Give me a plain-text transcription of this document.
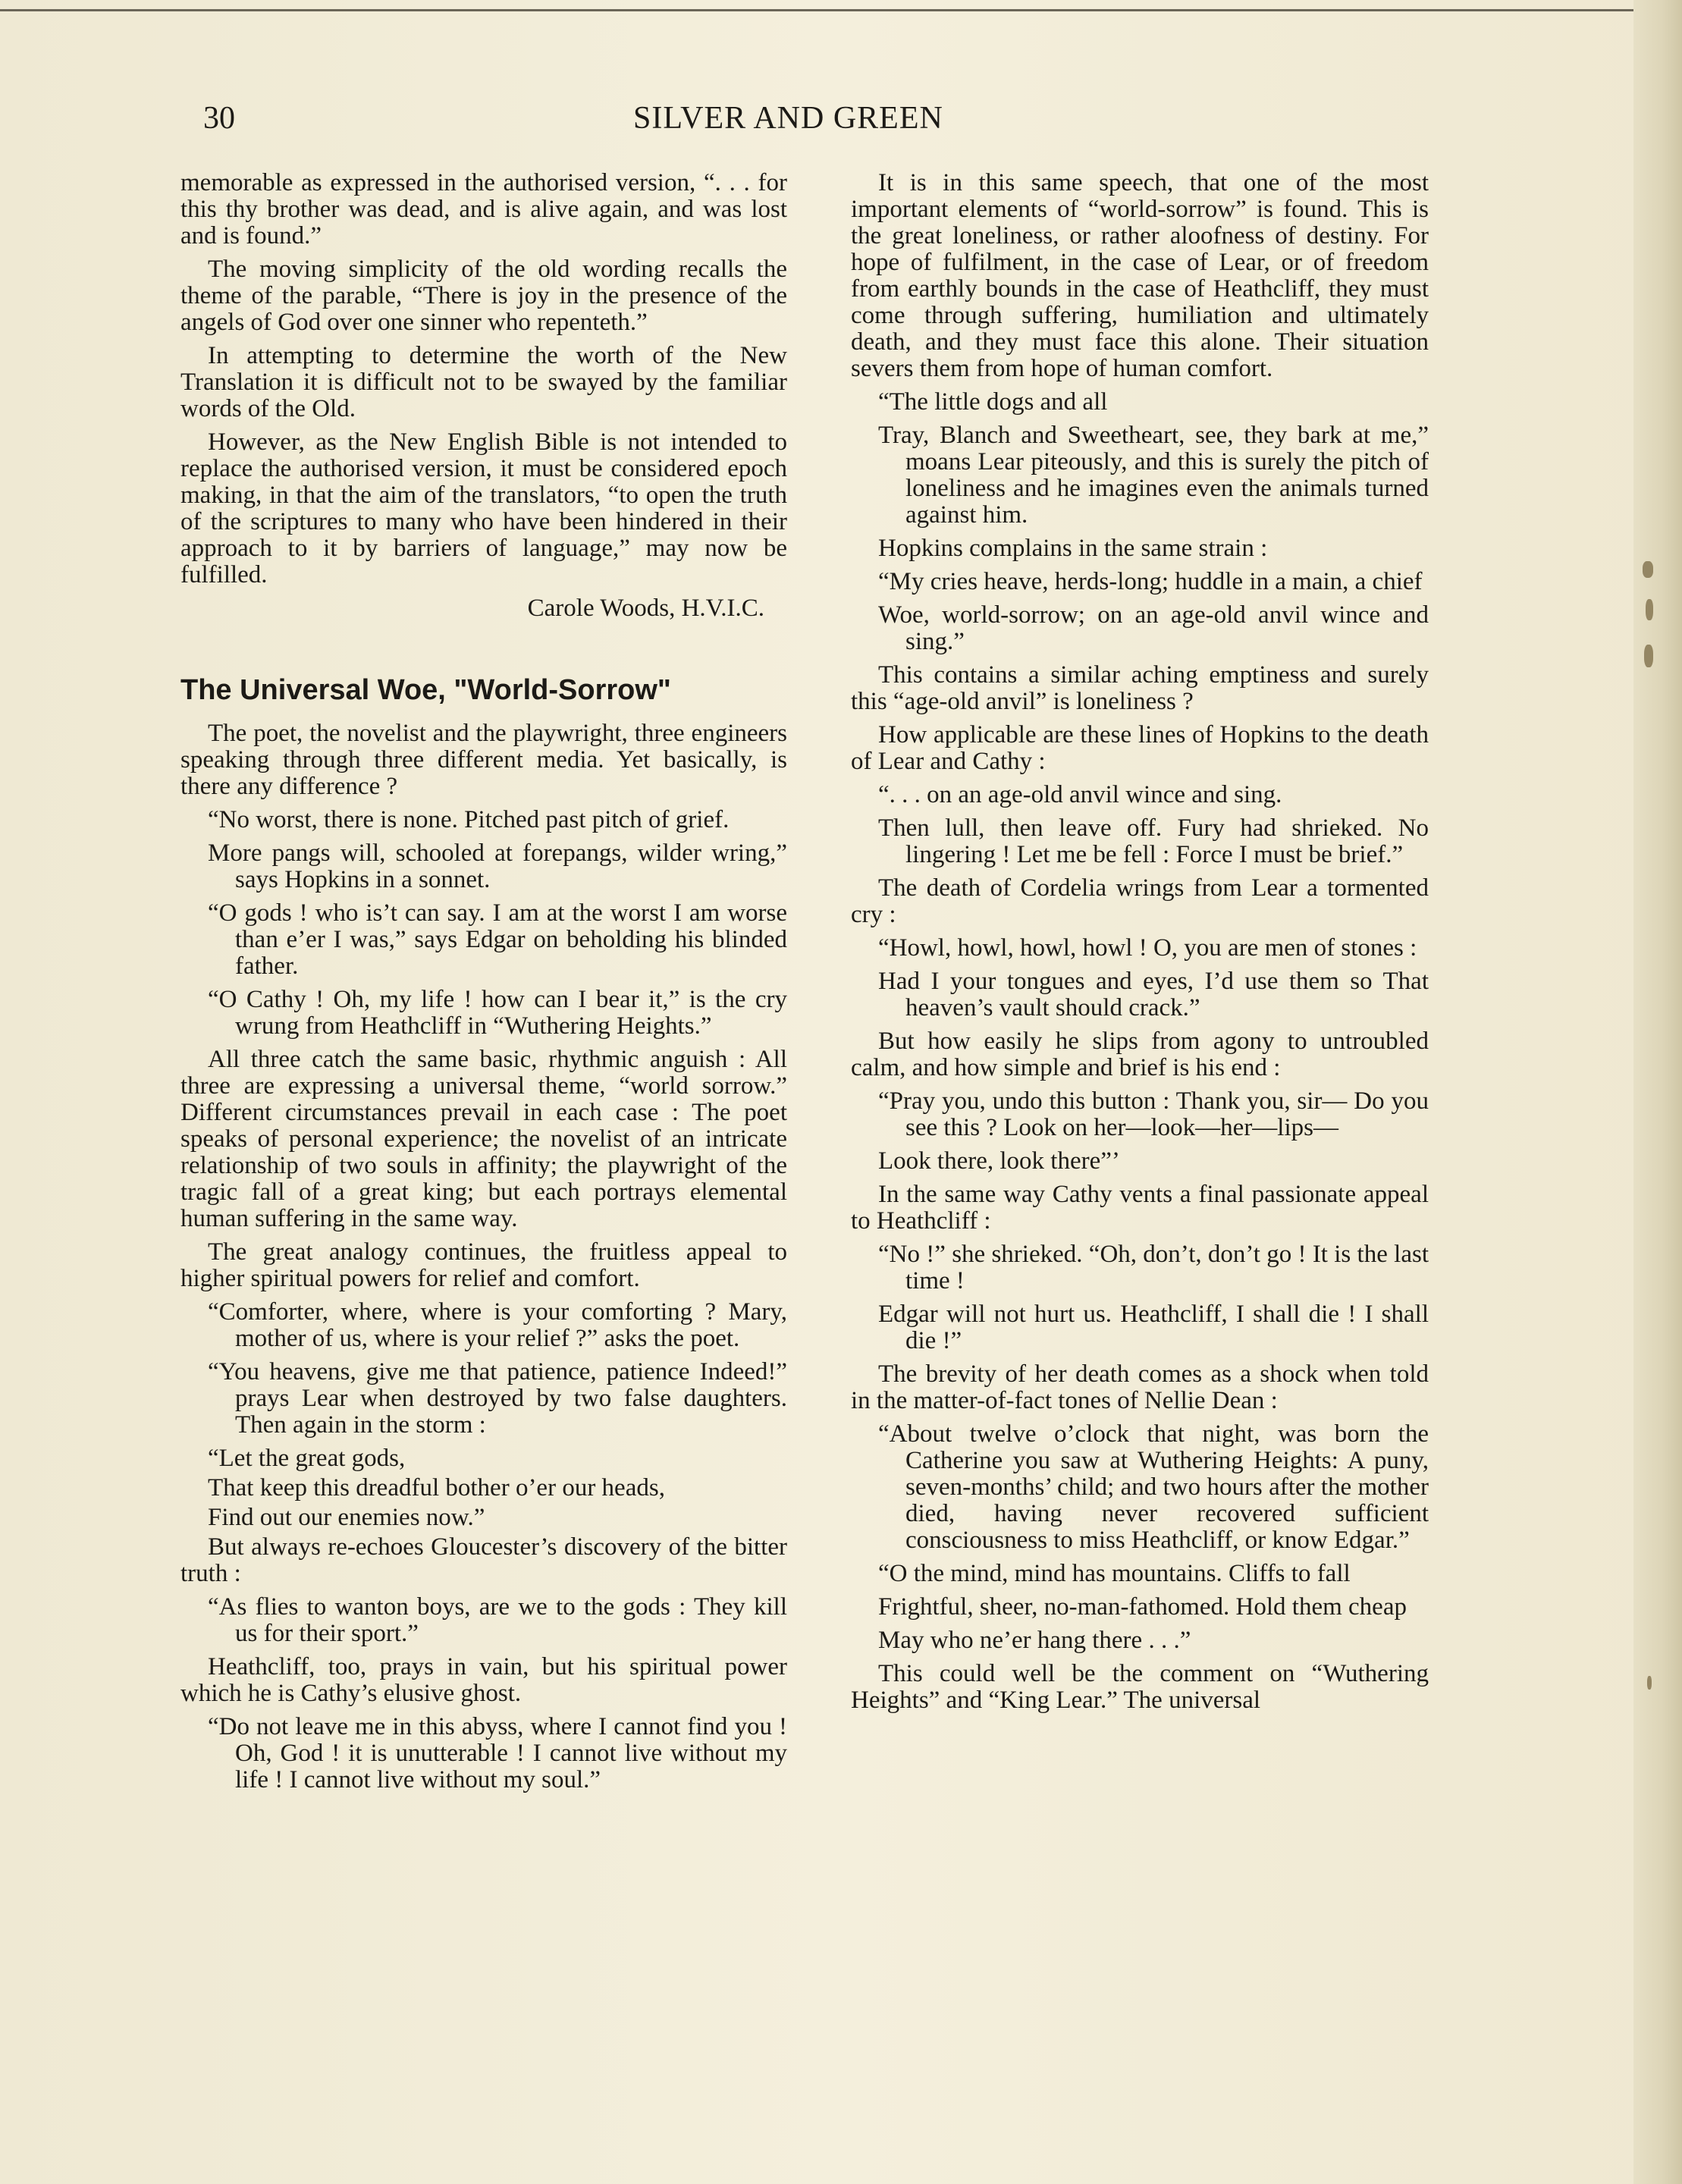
30	SILVER AND GREEN

memorable as expressed in the authorised version, “. . . for this thy brother was dead, and is alive again, and was lost and is found.”

The moving simplicity of the old wording recalls the theme of the parable, “There is joy in the presence of the angels of God over one sinner who repenteth.”

In attempting to determine the worth of the New Translation it is difficult not to be swayed by the familiar words of the Old.

However, as the New English Bible is not intended to replace the authorised version, it must be considered epoch making, in that the aim of the translators, “to open the truth of the scriptures to many who have been hindered in their approach to it by barriers of language,” may now be fulfilled.

Carole Woods, H.V.I.C.

The Universal Woe, "World-Sorrow"

The poet, the novelist and the playwright, three engineers speaking through three different media. Yet basically, is there any difference ?

“No worst, there is none. Pitched past pitch of grief.

More pangs will, schooled at forepangs, wilder wring,” says Hopkins in a sonnet.

“O gods ! who is’t can say. I am at the worst I am worse than e’er I was,” says Edgar on beholding his blinded father.

“O Cathy ! Oh, my life ! how can I bear it,” is the cry wrung from Heathcliff in “Wuthering Heights.”

All three catch the same basic, rhythmic anguish : All three are expressing a universal theme, “world sorrow.” Different circumstances prevail in each case : The poet speaks of personal experience; the novelist of an intricate relationship of two souls in affinity; the playwright of the tragic fall of a great king; but each portrays elemental human suffering in the same way.

The great analogy continues, the fruitless appeal to higher spiritual powers for relief and comfort.

“Comforter, where, where is your comforting ? Mary, mother of us, where is your relief ?” asks the poet.

“You heavens, give me that patience, patience Indeed!” prays Lear when destroyed by two false daughters. Then again in the storm :

“Let the great gods,

That keep this dreadful bother o’er our heads,

Find out our enemies now.”

But always re-echoes Gloucester’s discovery of the bitter truth :

“As flies to wanton boys, are we to the gods : They kill us for their sport.”

Heathcliff, too, prays in vain, but his spiritual power which he is Cathy’s elusive ghost.

“Do not leave me in this abyss, where I cannot find you ! Oh, God ! it is unutterable ! I cannot live without my life ! I cannot live without my soul.”

It is in this same speech, that one of the most important elements of “world-sorrow” is found. This is the great loneliness, or rather aloofness of destiny. For hope of fulfilment, in the case of Lear, or of freedom from earthly bounds in the case of Heathcliff, they must come through suffering, humiliation and ultimately death, and they must face this alone. Their situation severs them from hope of human comfort.

“The little dogs and all

Tray, Blanch and Sweetheart, see, they bark at me,” moans Lear piteously, and this is surely the pitch of loneliness and he imagines even the animals turned against him.

Hopkins complains in the same strain :

“My cries heave, herds-long; huddle in a main, a chief

Woe, world-sorrow; on an age-old anvil wince and sing.”

This contains a similar aching emptiness and surely this “age-old anvil” is loneliness ?

How applicable are these lines of Hopkins to the death of Lear and Cathy :

“. . . on an age-old anvil wince and sing.

Then lull, then leave off. Fury had shrieked. No lingering ! Let me be fell : Force I must be brief.”

The death of Cordelia wrings from Lear a tormented cry :

“Howl, howl, howl, howl ! O, you are men of stones :

Had I your tongues and eyes, I’d use them so That heaven’s vault should crack.”

But how easily he slips from agony to untroubled calm, and how simple and brief is his end :

“Pray you, undo this button : Thank you, sir— Do you see this ? Look on her—look—her—lips—

Look there, look there”’

In the same way Cathy vents a final passionate appeal to Heathcliff :

“No !” she shrieked. “Oh, don’t, don’t go ! It is the last time !

Edgar will not hurt us. Heathcliff, I shall die ! I shall die !”

The brevity of her death comes as a shock when told in the matter-of-fact tones of Nellie Dean :

“About twelve o’clock that night, was born the Catherine you saw at Wuthering Heights: A puny, seven-months’ child; and two hours after the mother died, having never recovered sufficient consciousness to miss Heathcliff, or know Edgar.”

“O the mind, mind has mountains. Cliffs to fall

Frightful, sheer, no-man-fathomed. Hold them cheap

May who ne’er hang there . . .”

This could well be the comment on “Wuthering Heights” and “King Lear.” The universal
